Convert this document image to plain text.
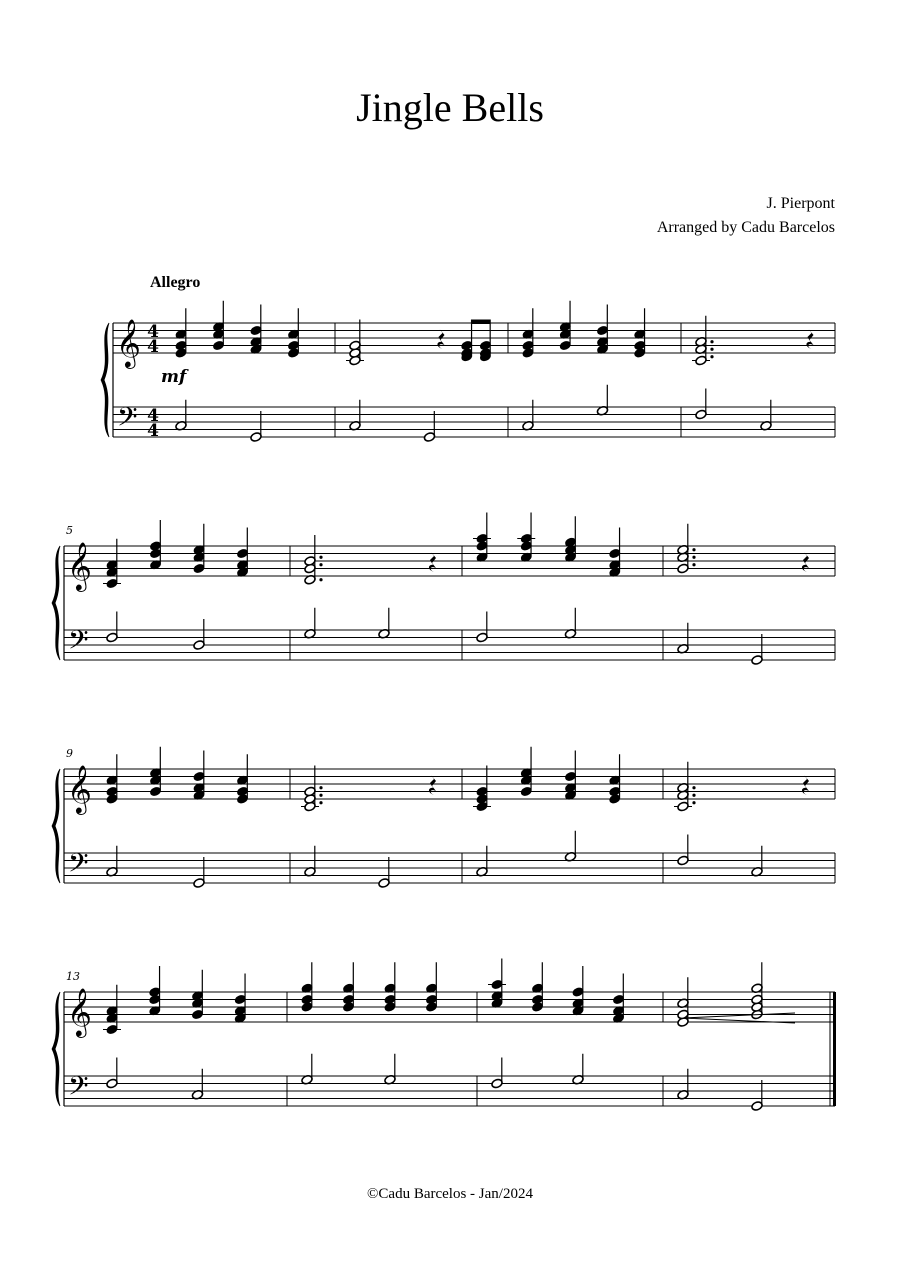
Jingle Bells
J. Pierpont
Arranged by Cadu Barcelos
Allegro
𝄞
𝄢
4
4
4
4
mf
𝄞
𝄢
5
𝄞
𝄢
9
𝄞
𝄢
13
©Cadu Barcelos - Jan/2024
